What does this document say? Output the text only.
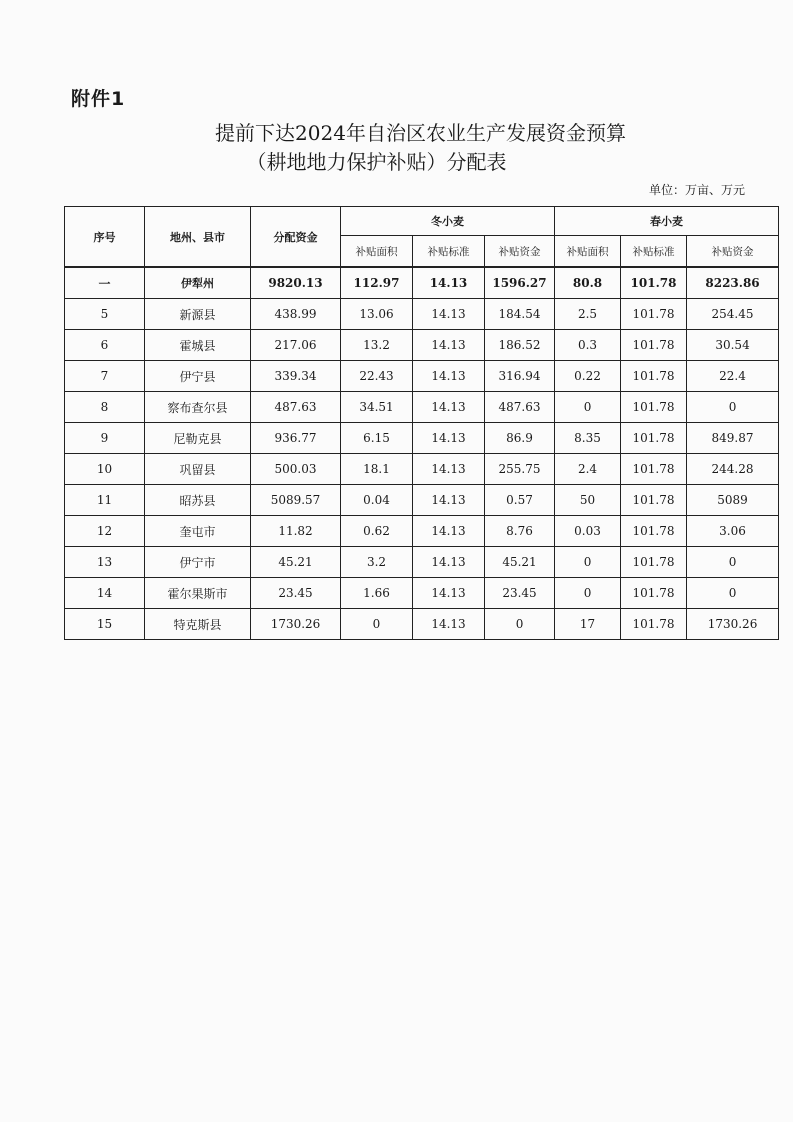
附件1
提前下达2024年自治区农业生产发展资金预算
（耕地地力保护补贴）分配表
单位：万亩、万元
序号	地州、县市	分配资金	冬小麦			春小麦		
			补贴面积	补贴标准	补贴资金	补贴面积	补贴标准	补贴资金
一	伊犁州	9820.13	112.97	14.13	1596.27	80.8	101.78	8223.86
5	新源县	438.99	13.06	14.13	184.54	2.5	101.78	254.45
6	霍城县	217.06	13.2	14.13	186.52	0.3	101.78	30.54
7	伊宁县	339.34	22.43	14.13	316.94	0.22	101.78	22.4
8	察布查尔县	487.63	34.51	14.13	487.63	0	101.78	0
9	尼勒克县	936.77	6.15	14.13	86.9	8.35	101.78	849.87
10	巩留县	500.03	18.1	14.13	255.75	2.4	101.78	244.28
11	昭苏县	5089.57	0.04	14.13	0.57	50	101.78	5089
12	奎屯市	11.82	0.62	14.13	8.76	0.03	101.78	3.06
13	伊宁市	45.21	3.2	14.13	45.21	0	101.78	0
14	霍尔果斯市	23.45	1.66	14.13	23.45	0	101.78	0
15	特克斯县	1730.26	0	14.13	0	17	101.78	1730.26
